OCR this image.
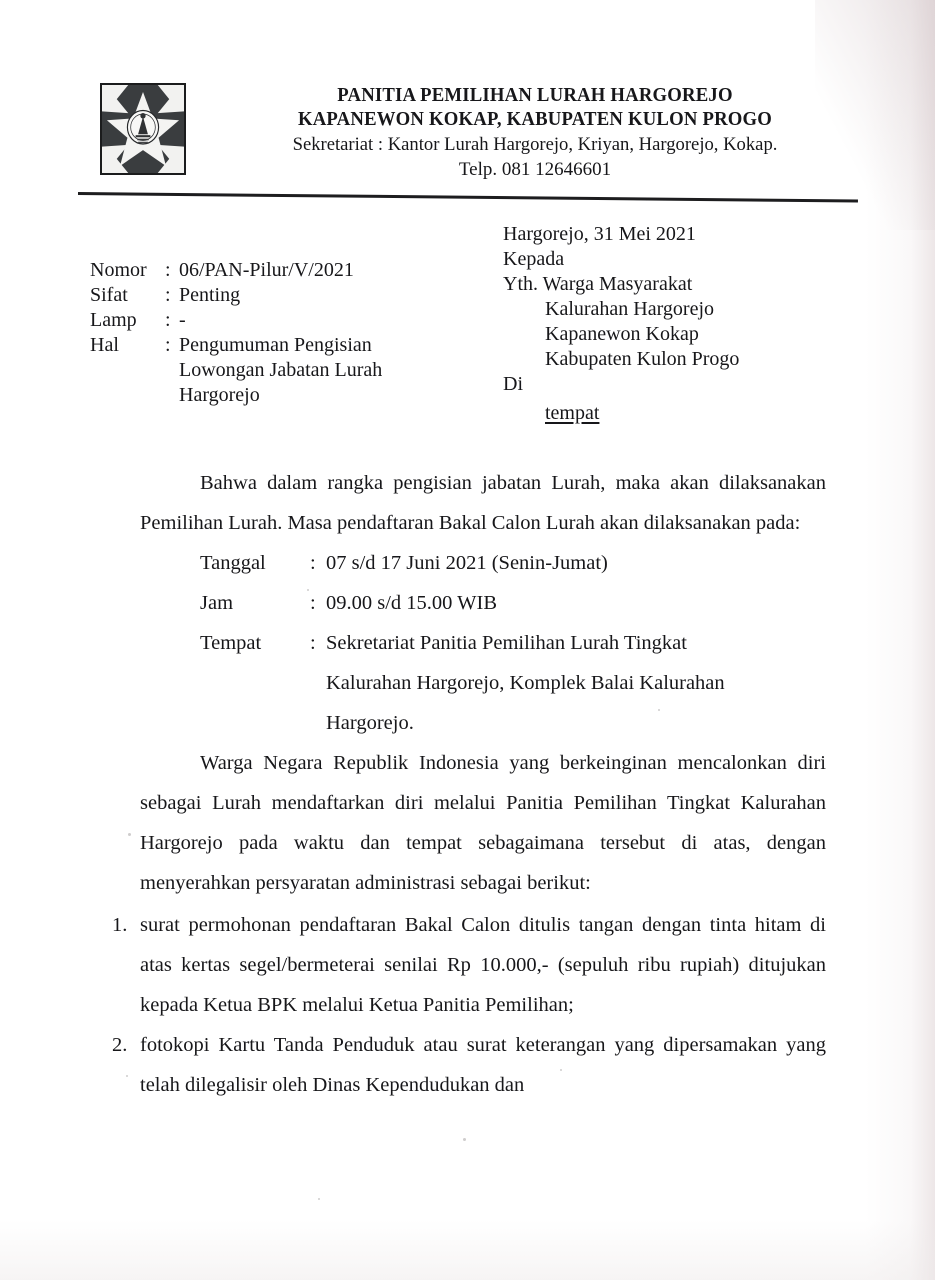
PANITIA PEMILIHAN LURAH HARGOREJO
KAPANEWON KOKAP, KABUPATEN KULON PROGO
Sekretariat : Kantor Lurah Hargorejo, Kriyan, Hargorejo, Kokap.
Telp. 081 12646601
Nomor : 06/PAN-Pilur/V/2021
Sifat	: Penting
Lamp	: -
Hal	: Pengumuman Pengisian
Lowongan Jabatan Lurah
Hargorejo
Hargorejo, 31 Mei 2021
Kepada
Yth. Warga Masyarakat
Kalurahan Hargorejo
Kapanewon Kokap
Kabupaten Kulon Progo
Di
tempat

Bahwa dalam rangka pengisian jabatan Lurah, maka akan dilaksanakan Pemilihan Lurah. Masa pendaftaran Bakal Calon Lurah akan dilaksanakan pada:

Tanggal	: 07 s/d 17 Juni 2021 (Senin-Jumat)
Jam	: 09.00 s/d 15.00 WIB
Tempat	: Sekretariat Panitia Pemilihan Lurah Tingkat
Kalurahan Hargorejo, Komplek Balai Kalurahan
Hargorejo.

Warga Negara Republik Indonesia yang berkeinginan mencalonkan diri sebagai Lurah mendaftarkan diri melalui Panitia Pemilihan Tingkat Kalurahan Hargorejo pada waktu dan tempat sebagaimana tersebut di atas, dengan menyerahkan persyaratan administrasi sebagai berikut:

1. surat permohonan pendaftaran Bakal Calon ditulis tangan dengan tinta hitam di atas kertas segel/bermeterai senilai Rp 10.000,- (sepuluh ribu rupiah) ditujukan kepada Ketua BPK melalui Ketua Panitia Pemilihan;
2. fotokopi Kartu Tanda Penduduk atau surat keterangan yang dipersamakan yang telah dilegalisir oleh Dinas Kependudukan dan
